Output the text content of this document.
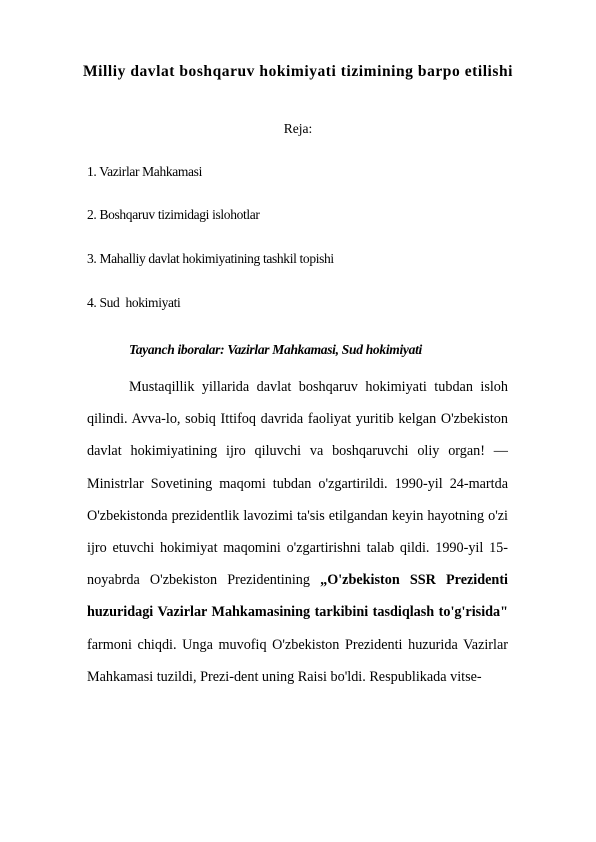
Milliy davlat boshqaruv hokimiyati tizimining barpo etilishi
Reja:
1. Vazirlar Mahkamasi
2. Boshqaruv tizimidagi islohotlar
3. Mahalliy davlat hokimiyatining tashkil topishi
4. Sud  hokimiyati
Tayanch iboralar: Vazirlar Mahkamasi, Sud hokimiyati

Mustaqillik yillarida davlat boshqaruv hokimiyati tubdan isloh qilindi. Avva-lo, sobiq Ittifoq davrida faoliyat yuritib kelgan O'zbekiston davlat hokimiyatining ijro qiluvchi va boshqaruvchi oliy organ! — Ministrlar Sovetining maqomi tubdan o'zgartirildi. 1990-yil 24-martda O'zbekistonda prezidentlik lavozimi ta'sis etilgandan keyin hayotning o'zi ijro etuvchi hokimiyat maqomini o'zgartirishni talab qildi. 1990-yil 15-noyabrda O'zbekiston Prezidentining „O'zbekiston SSR Prezidenti huzuridagi Vazirlar Mahkamasining tarkibini tasdiqlash to'g'risida" farmoni chiqdi. Unga muvofiq O'zbekiston Prezidenti huzurida Vazirlar Mahkamasi tuzildi, Prezi-dent uning Raisi bo'ldi. Respublikada vitse-
